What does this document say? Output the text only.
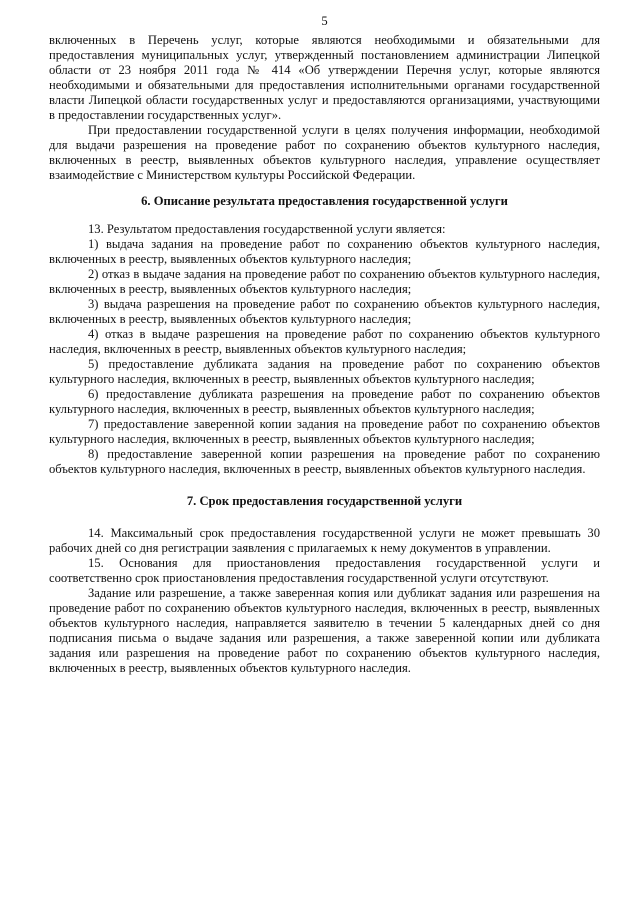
5

включенных в Перечень услуг, которые являются необходимыми и обязательными для предоставления муниципальных услуг, утвержденный постановлением администрации Липецкой области от 23 ноября 2011 года № 414 «Об утверждении Перечня услуг, которые являются необходимыми и обязательными для предоставления исполнительными органами государственной власти Липецкой области государственных услуг и предоставляются организациями, участвующими в предоставлении государственных услуг».

При предоставлении государственной услуги в целях получения информации, необходимой для выдачи разрешения на проведение работ по сохранению объектов культурного наследия, включенных в реестр, выявленных объектов культурного наследия, управление осуществляет взаимодействие с Министерством культуры Российской Федерации.

6. Описание результата предоставления государственной услуги

13. Результатом предоставления государственной услуги является:

1) выдача задания на проведение работ по сохранению объектов культурного наследия, включенных в реестр, выявленных объектов культурного наследия;

2) отказ в выдаче задания на проведение работ по сохранению объектов культурного наследия, включенных в реестр, выявленных объектов культурного наследия;

3) выдача разрешения на проведение работ по сохранению объектов культурного наследия, включенных в реестр, выявленных объектов культурного наследия;

4) отказ в выдаче разрешения на проведение работ по сохранению объектов культурного наследия, включенных в реестр, выявленных объектов культурного наследия;

5) предоставление дубликата задания на проведение работ по сохранению объектов культурного наследия, включенных в реестр, выявленных объектов культурного наследия;

6) предоставление дубликата разрешения на проведение работ по сохранению объектов культурного наследия, включенных в реестр, выявленных объектов культурного наследия;

7) предоставление заверенной копии задания на проведение работ по сохранению объектов культурного наследия, включенных в реестр, выявленных объектов культурного наследия;

8) предоставление заверенной копии разрешения на проведение работ по сохранению объектов культурного наследия, включенных в реестр, выявленных объектов культурного наследия.

7. Срок предоставления государственной услуги

14. Максимальный срок предоставления государственной услуги не может превышать 30 рабочих дней со дня регистрации заявления с прилагаемых к нему документов в управлении.

15. Основания для приостановления предоставления государственной услуги и соответственно срок приостановления предоставления государственной услуги отсутствуют.

Задание или разрешение, а также заверенная копия или дубликат задания или разрешения на проведение работ по сохранению объектов культурного наследия, включенных в реестр, выявленных объектов культурного наследия, направляется заявителю в течении 5 календарных дней со дня подписания письма о выдаче задания или разрешения, а также заверенной копии или дубликата задания или разрешения на проведение работ по сохранению объектов культурного наследия, включенных в реестр, выявленных объектов культурного наследия.
